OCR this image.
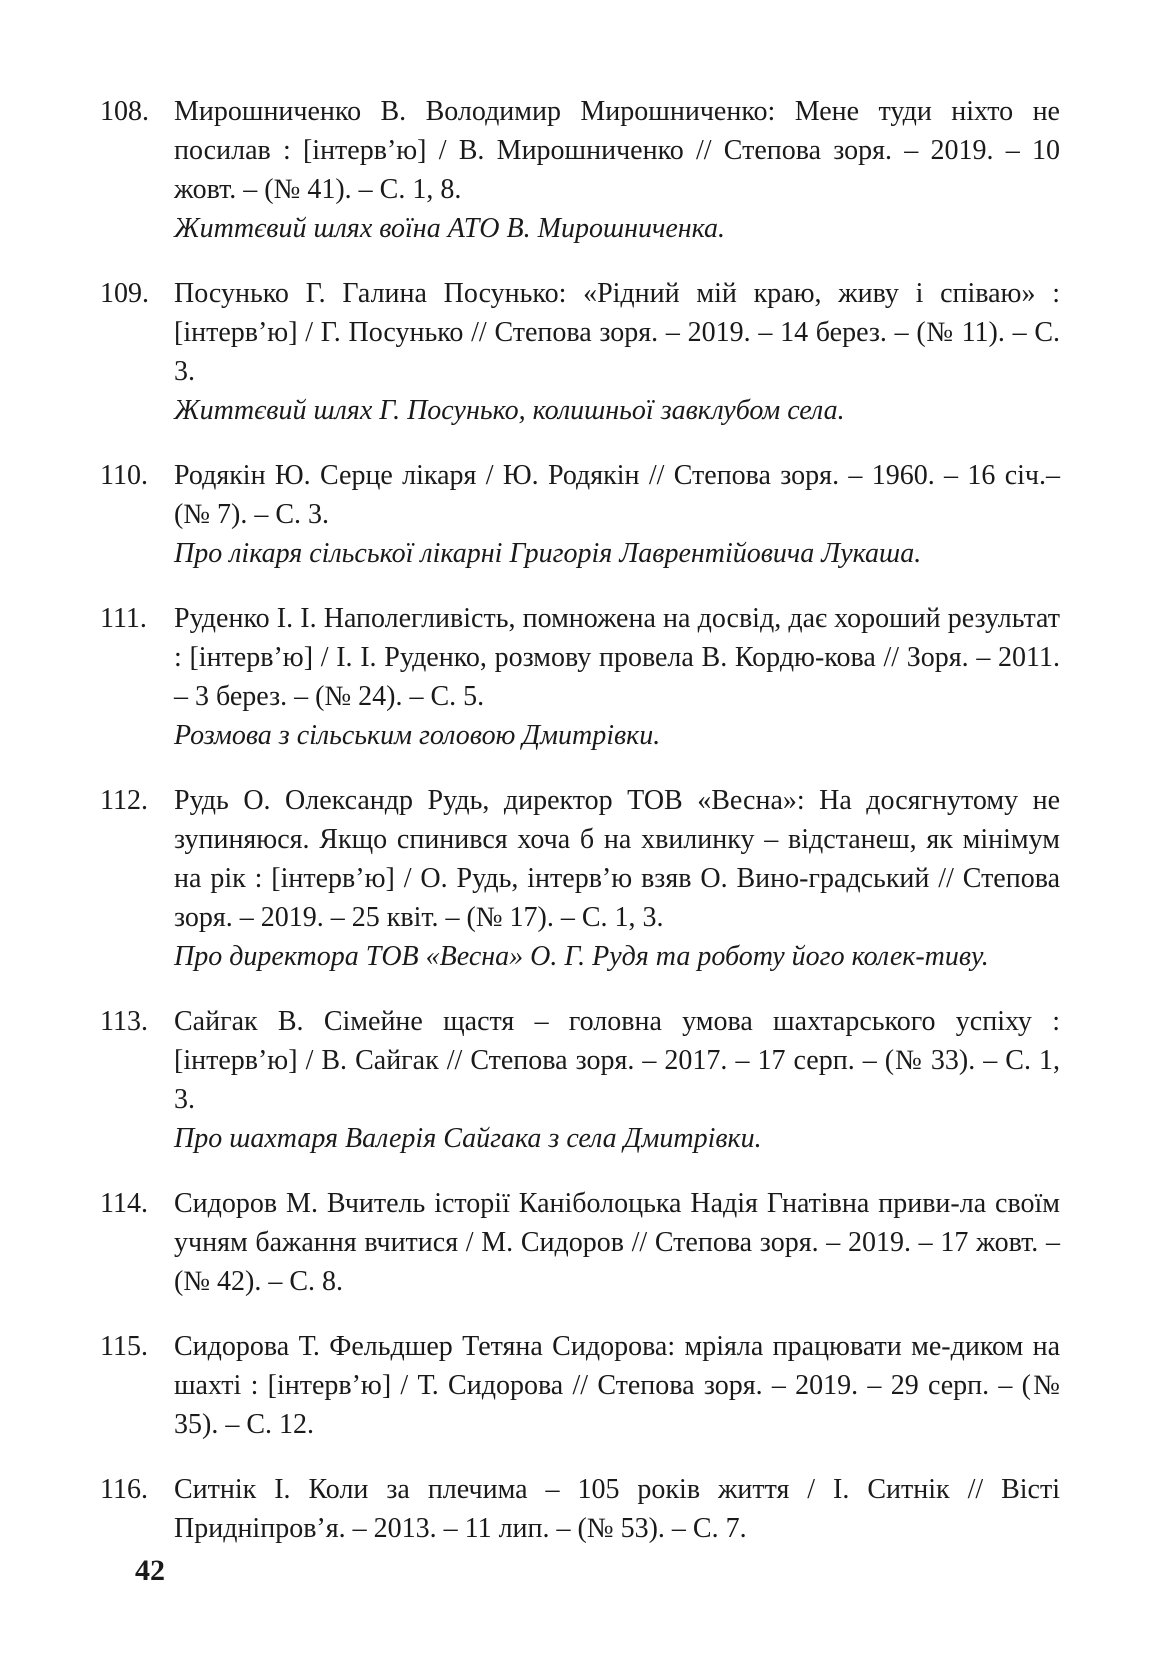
108. Мирошниченко В. Володимир Мирошниченко: Мене туди ніхто не посилав : [інтерв’ю] / В. Мирошниченко // Степова зоря. – 2019. – 10 жовт. – (№ 41). – С. 1, 8.
Життєвий шлях воїна АТО В. Мирошниченка.
109. Посунько Г. Галина Посунько: «Рідний мій краю, живу і співаю» : [інтерв’ю] / Г. Посунько // Степова зоря. – 2019. – 14 берез. – (№ 11). – С. 3.
Життєвий шлях Г. Посунько, колишньої завклубом села.
110. Родякін Ю. Серце лікаря / Ю. Родякін // Степова зоря. – 1960. – 16 січ.– (№ 7). – С. 3.
Про лікаря сільської лікарні Григорія Лаврентійовича Лукаша.
111. Руденко І. І. Наполегливість, помножена на досвід, дає хороший результат : [інтерв’ю] / І. І. Руденко, розмову провела В. Кордю-кова // Зоря. – 2011. – 3 берез. – (№ 24). – С. 5.
Розмова з сільським головою Дмитрівки.
112. Рудь О. Олександр Рудь, директор ТОВ «Весна»: На досягнутому не зупиняюся. Якщо спинився хоча б на хвилинку – відстанеш, як мінімум на рік : [інтерв’ю] / О. Рудь, інтерв’ю взяв О. Вино-градський // Степова зоря. – 2019. – 25 квіт. – (№ 17). – С. 1, 3.
Про директора ТОВ «Весна» О. Г. Рудя та роботу його колек-тиву.
113. Сайгак В. Сімейне щастя – головна умова шахтарського успіху : [інтерв’ю] / В. Сайгак // Степова зоря. – 2017. – 17 серп. – (№ 33). – С. 1, 3.
Про шахтаря Валерія Сайгака з села Дмитрівки.
114. Сидоров М. Вчитель історії Каніболоцька Надія Гнатівна приви-ла своїм учням бажання вчитися / М. Сидоров // Степова зоря. – 2019. – 17 жовт. – (№ 42). – С. 8.
115. Сидорова Т. Фельдшер Тетяна Сидорова: мріяла працювати ме-диком на шахті : [інтерв’ю] / Т. Сидорова // Степова зоря. – 2019. – 29 серп. – (№ 35). – С. 12.
116. Ситнік І. Коли за плечима – 105 років життя / І. Ситнік // Вісті Придніпров’я. – 2013. – 11 лип. – (№ 53). – С. 7.
42
